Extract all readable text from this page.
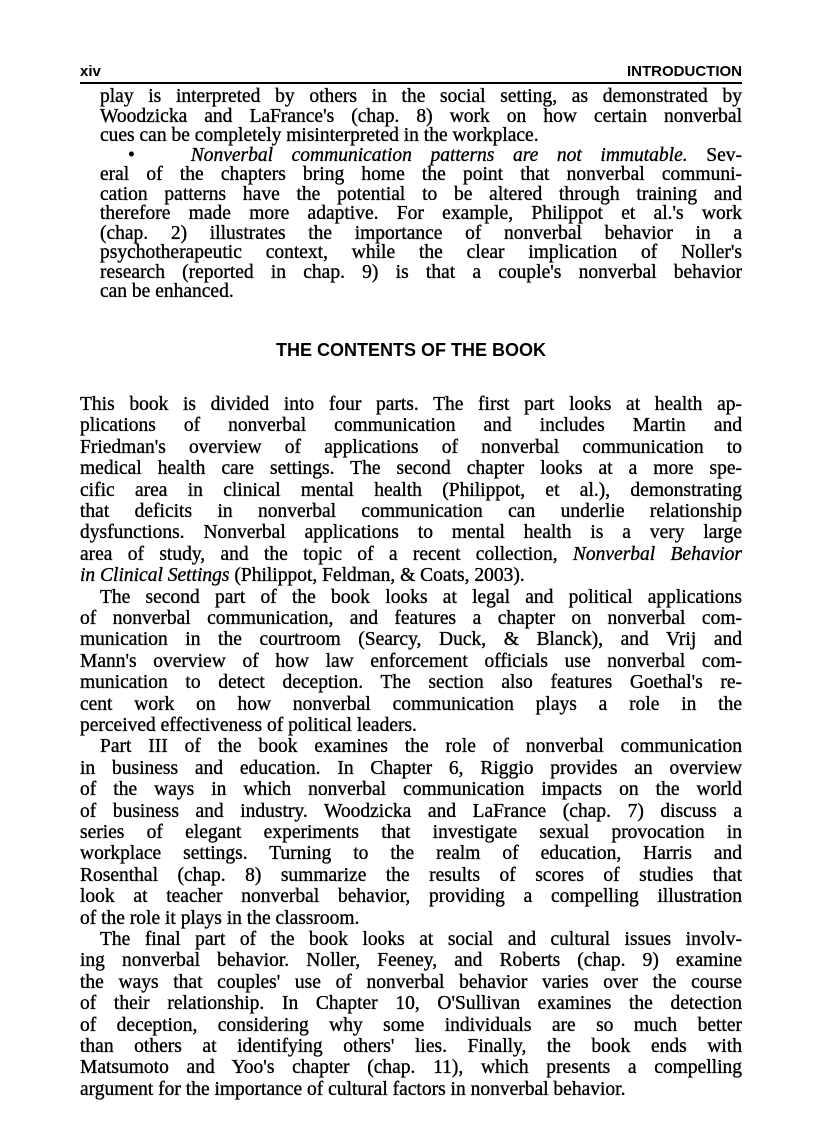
xiv	INTRODUCTION
THE CONTENTS OF THE BOOK
play is interpreted by others in the social setting, as demonstrated by
Woodzicka and LaFrance's (chap. 8) work on how certain nonverbal
cues can be completely misinterpreted in the workplace.
•   Nonverbal communication patterns are not immutable. Sev-
eral of the chapters bring home the point that nonverbal communi-
cation patterns have the potential to be altered through training and
therefore made more adaptive. For example, Philippot et al.'s work
(chap. 2) illustrates the importance of nonverbal behavior in a
psychotherapeutic context, while the clear implication of Noller's
research (reported in chap. 9) is that a couple's nonverbal behavior
can be enhanced.
This book is divided into four parts. The first part looks at health ap-
plications of nonverbal communication and includes Martin and
Friedman's overview of applications of nonverbal communication to
medical health care settings. The second chapter looks at a more spe-
cific area in clinical mental health (Philippot, et al.), demonstrating
that deficits in nonverbal communication can underlie relationship
dysfunctions. Nonverbal applications to mental health is a very large
area of study, and the topic of a recent collection, Nonverbal Behavior
in Clinical Settings (Philippot, Feldman, & Coats, 2003).
The second part of the book looks at legal and political applications
of nonverbal communication, and features a chapter on nonverbal com-
munication in the courtroom (Searcy, Duck, & Blanck), and Vrij and
Mann's overview of how law enforcement officials use nonverbal com-
munication to detect deception. The section also features Goethal's re-
cent work on how nonverbal communication plays a role in the
perceived effectiveness of political leaders.
Part III of the book examines the role of nonverbal communication
in business and education. In Chapter 6, Riggio provides an overview
of the ways in which nonverbal communication impacts on the world
of business and industry. Woodzicka and LaFrance (chap. 7) discuss a
series of elegant experiments that investigate sexual provocation in
workplace settings. Turning to the realm of education, Harris and
Rosenthal (chap. 8) summarize the results of scores of studies that
look at teacher nonverbal behavior, providing a compelling illustration
of the role it plays in the classroom.
The final part of the book looks at social and cultural issues involv-
ing nonverbal behavior. Noller, Feeney, and Roberts (chap. 9) examine
the ways that couples' use of nonverbal behavior varies over the course
of their relationship. In Chapter 10, O'Sullivan examines the detection
of deception, considering why some individuals are so much better
than others at identifying others' lies. Finally, the book ends with
Matsumoto and Yoo's chapter (chap. 11), which presents a compelling
argument for the importance of cultural factors in nonverbal behavior.
